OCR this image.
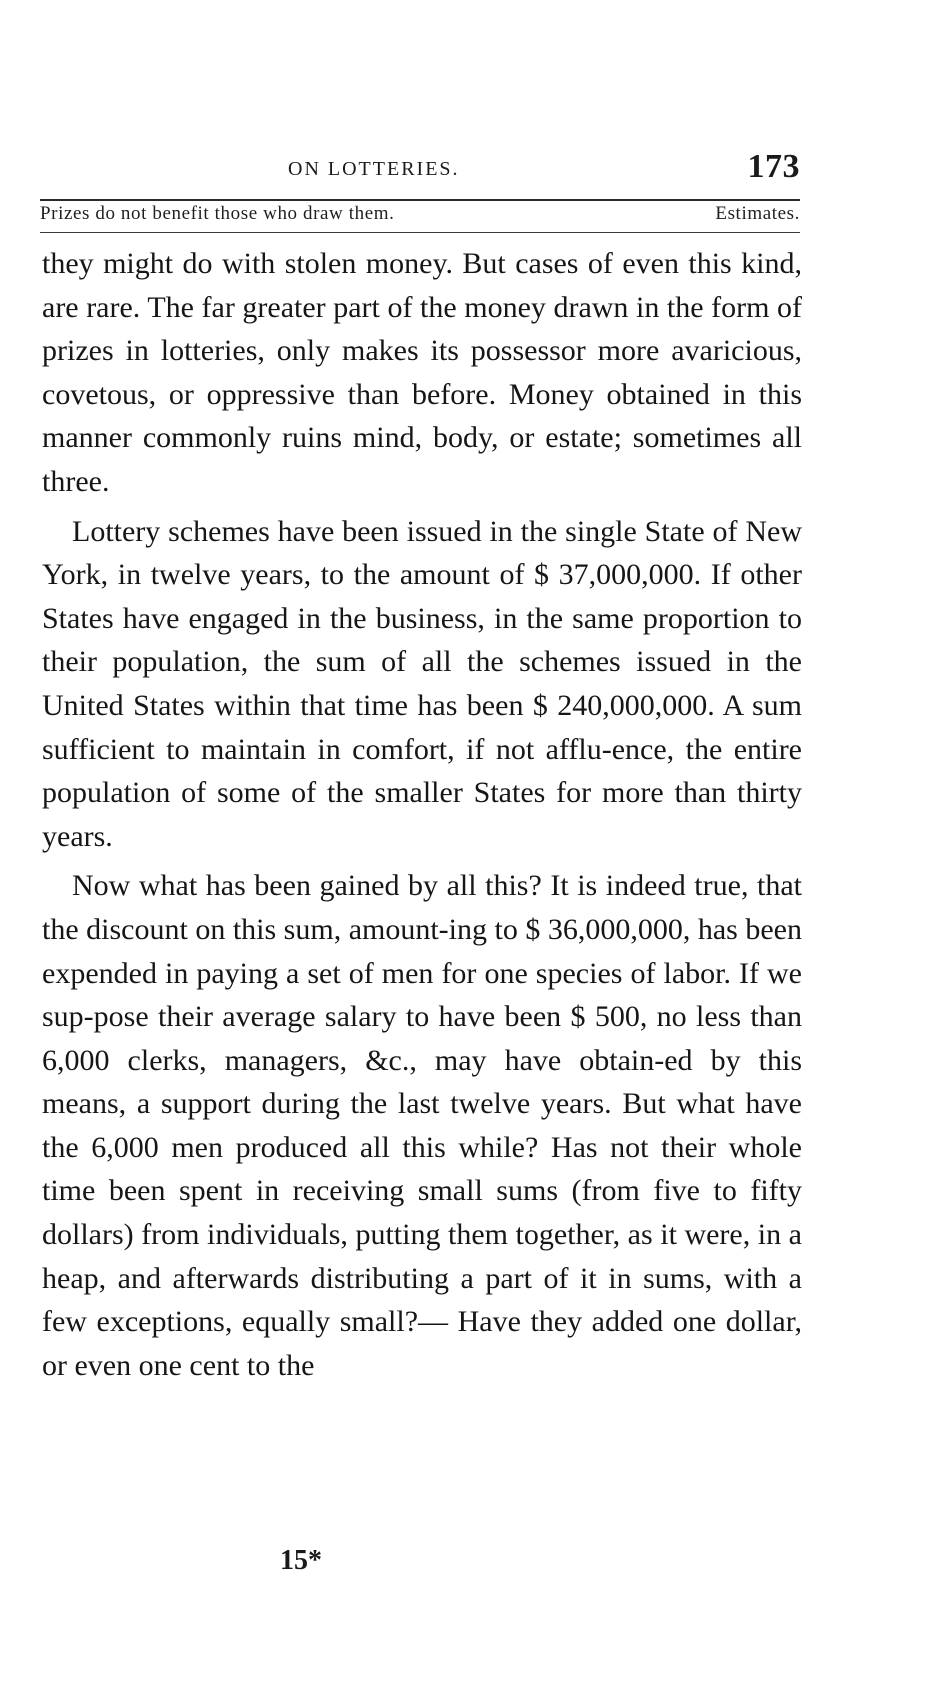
ON LOTTERIES.	173
Prizes do not benefit those who draw them.	Estimates.

they might do with stolen money. But cases of even this kind, are rare. The far greater part of the money drawn in the form of prizes in lotteries, only makes its possessor more avaricious, covetous, or oppressive than before. Money obtained in this manner commonly ruins mind, body, or estate; sometimes all three.

Lottery schemes have been issued in the single State of New York, in twelve years, to the amount of $ 37,000,000. If other States have engaged in the business, in the same proportion to their population, the sum of all the schemes issued in the United States within that time has been $ 240,000,000. A sum sufficient to maintain in comfort, if not afflu-ence, the entire population of some of the smaller States for more than thirty years.

Now what has been gained by all this? It is indeed true, that the discount on this sum, amount-ing to $ 36,000,000, has been expended in paying a set of men for one species of labor. If we sup-pose their average salary to have been $ 500, no less than 6,000 clerks, managers, &c., may have obtain-ed by this means, a support during the last twelve years. But what have the 6,000 men produced all this while? Has not their whole time been spent in receiving small sums (from five to fifty dollars) from individuals, putting them together, as it were, in a heap, and afterwards distributing a part of it in sums, with a few exceptions, equally small?— Have they added one dollar, or even one cent to the

15*
